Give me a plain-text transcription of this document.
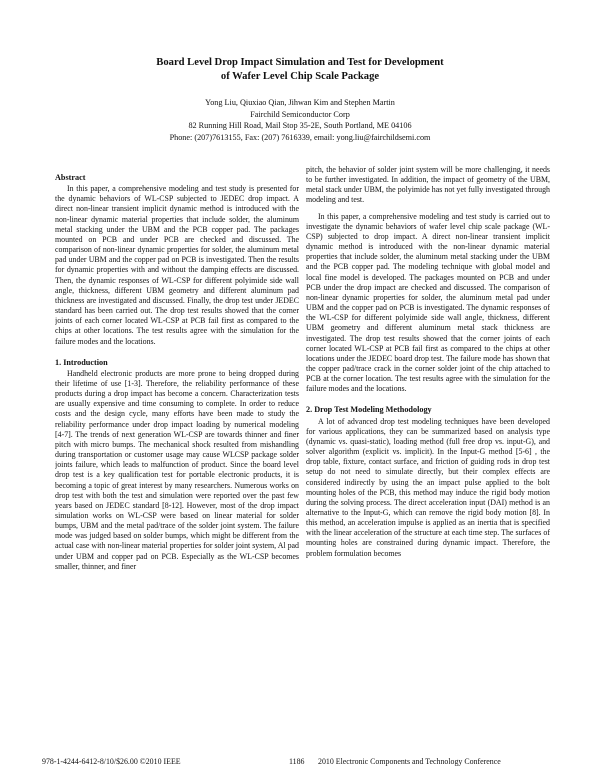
Board Level Drop Impact Simulation and Test for Development
of Wafer Level Chip Scale Package
Yong Liu, Qiuxiao Qian, Jihwan Kim and Stephen Martin
Fairchild Semiconductor Corp
82 Running Hill Road, Mail Stop 35-2E, South Portland, ME 04106
Phone: (207)7613155, Fax: (207) 7616339, email: yong.liu@fairchildsemi.com
Abstract

In this paper, a comprehensive modeling and test study is presented for the dynamic behaviors of WL-CSP subjected to JEDEC drop impact. A direct non-linear transient implicit dynamic method is introduced with the non-linear dynamic material properties that include solder, the aluminum metal stacking under the UBM and the PCB copper pad. The packages mounted on PCB and under PCB are checked and discussed. The comparison of non-linear dynamic properties for solder, the aluminum metal pad under UBM and the copper pad on PCB is investigated. Then the results for dynamic properties with and without the damping effects are discussed. Then, the dynamic responses of WL-CSP for different polyimide side wall angle, thickness, different UBM geometry and different aluminum pad thickness are investigated and discussed. Finally, the drop test under JEDEC standard has been carried out. The drop test results showed that the corner joints of each corner located WL-CSP at PCB fail first as compared to the chips at other locations. The test results agree with the simulation for the failure modes and the locations.

1. Introduction

Handheld electronic products are more prone to being dropped during their lifetime of use [1-3]. Therefore, the reliability performance of these products during a drop impact has become a concern. Characterization tests are usually expensive and time consuming to complete. In order to reduce costs and the design cycle, many efforts have been made to study the reliability performance under drop impact loading by numerical modeling [4-7]. The trends of next generation WL-CSP are towards thinner and finer pitch with micro bumps. The mechanical shock resulted from mishandling during transportation or customer usage may cause WLCSP package solder joints failure, which leads to malfunction of product. Since the board level drop test is a key qualification test for portable electronic products, it is becoming a topic of great interest by many researchers. Numerous works on drop test with both the test and simulation were reported over the past few years based on JEDEC standard [8-12]. However, most of the drop impact simulation works on WL-CSP were based on linear material for solder bumps, UBM and the metal pad/trace of the solder joint system. The failure mode was judged based on solder bumps, which might be different from the actual case with non-linear material properties for solder joint system, Al pad under UBM and copper pad on PCB. Especially as the WL-CSP becomes smaller, thinner, and finer

pitch, the behavior of solder joint system will be more challenging, it needs to be further investigated. In addition, the impact of geometry of the UBM, metal stack under UBM, the polyimide has not yet fully investigated through modeling and test.

In this paper, a comprehensive modeling and test study is carried out to investigate the dynamic behaviors of wafer level chip scale package (WL-CSP) subjected to drop impact. A direct non-linear transient implicit dynamic method is introduced with the non-linear dynamic material properties that include solder, the aluminum metal stacking under the UBM and the PCB copper pad. The modeling technique with global model and local fine model is developed. The packages mounted on PCB and under PCB under the drop impact are checked and discussed. The comparison of non-linear dynamic properties for solder, the aluminum metal pad under UBM and the copper pad on PCB is investigated. The dynamic responses of the WL-CSP for different polyimide side wall angle, thickness, different UBM geometry and different aluminum metal stack thickness are investigated. The drop test results showed that the corner joints of each corner located WL-CSP at PCB fail first as compared to the chips at other locations under the JEDEC board drop test. The failure mode has shown that the copper pad/trace crack in the corner solder joint of the chip attached to PCB at the corner location. The test results agree with the simulation for the failure modes and the locations.

2. Drop Test Modeling Methodology

A lot of advanced drop test modeling techniques have been developed for various applications, they can be summarized based on analysis type (dynamic vs. quasi-static), loading method (full free drop vs. input-G), and solver algorithm (explicit vs. implicit). In the Input-G method [5-6] , the drop table, fixture, contact surface, and friction of guiding rods in drop test setup do not need to simulate directly, but their complex effects are considered indirectly by using the an impact pulse applied to the bolt mounting holes of the PCB, this method may induce the rigid body motion during the solving process. The direct acceleration input (DAI) method is an alternative to the Input-G, which can remove the rigid body motion [8]. In this method, an acceleration impulse is applied as an inertia that is specified with the linear acceleration of the structure at each time step. The surfaces of mounting holes are constrained during dynamic impact. Therefore, the problem formulation becomes

978-1-4244-6412-8/10/$26.00 ©2010 IEEE	1186 2010 Electronic Components and Technology Conference
